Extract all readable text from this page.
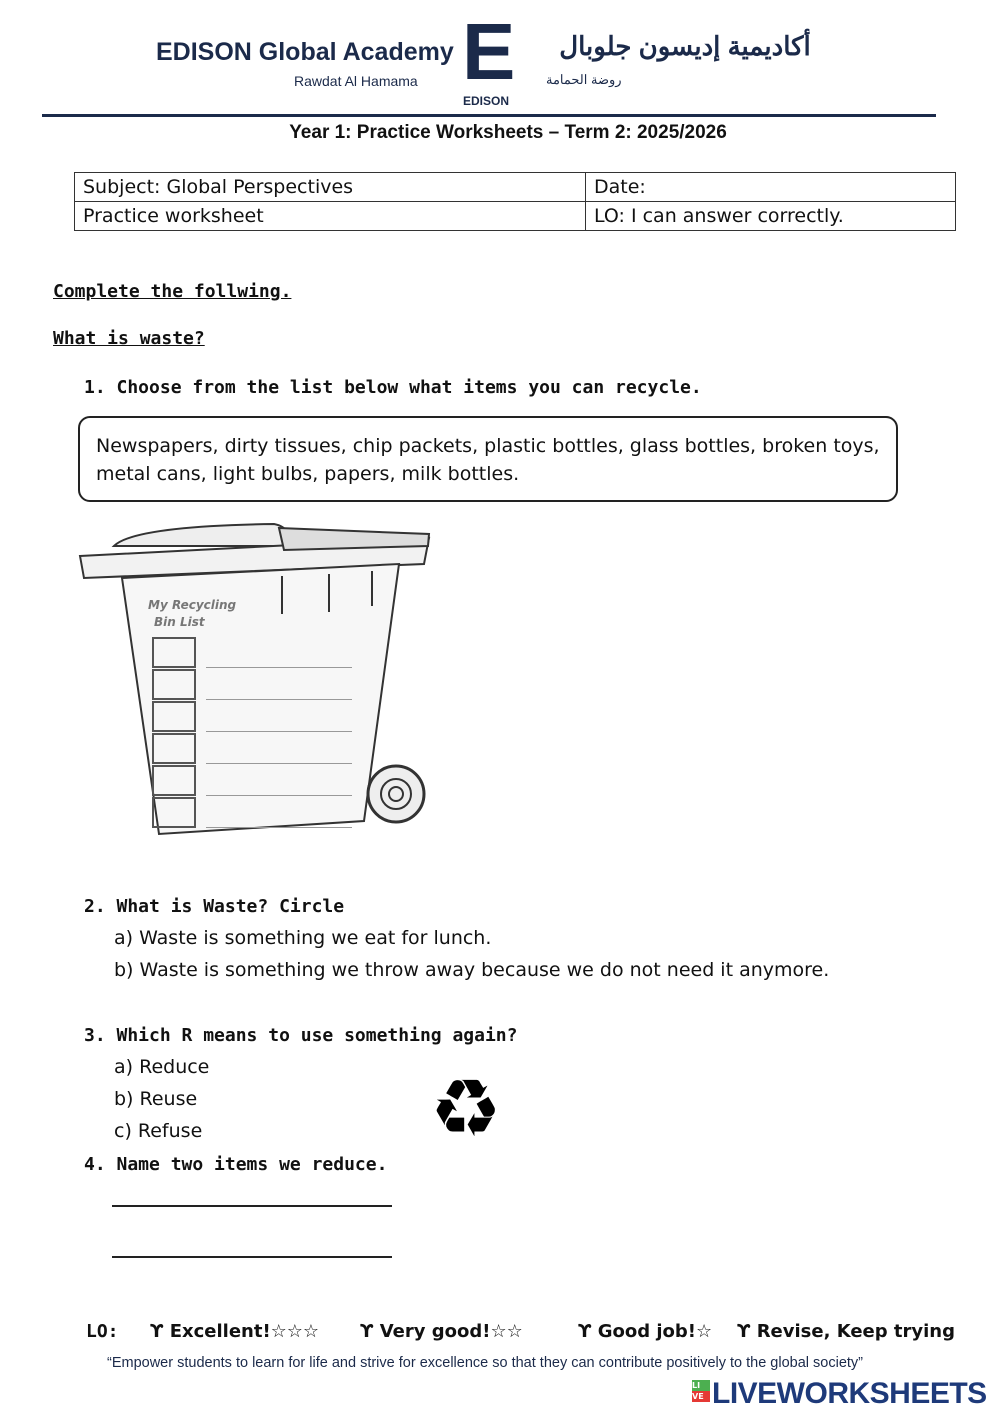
EDISON Global Academy
Rawdat Al Hamama E
EDISON
أكاديمية إديسون جلوبال
روضة الحمامة
Year 1: Practice Worksheets – Term 2: 2025/2026
Subject: Global Perspectives	Date:
Practice worksheet	LO: I can answer correctly.
Complete the follwing.
What is waste?
1. Choose from the list below what items you can recycle.
Newspapers, dirty tissues, chip packets, plastic bottles, glass bottles, broken toys, metal cans, light bulbs, papers, milk bottles.
My Recycling
Bin List
2. What is Waste? Circle
a) Waste is something we eat for lunch.
b) Waste is something we throw away because we do not need it anymore.
3. Which R means to use something again?
a) Reduce
b) Reuse
c) Refuse	♻
4. Name two items we reduce.
LO: ϒ Excellent!☆☆☆ ϒ Very good!☆☆	ϒ Good job!☆ ϒ Revise, Keep trying
“Empower students to learn for life and strive for excellence so that they can contribute positively to the global society”
LI
VE LIVEWORKSHEETS
